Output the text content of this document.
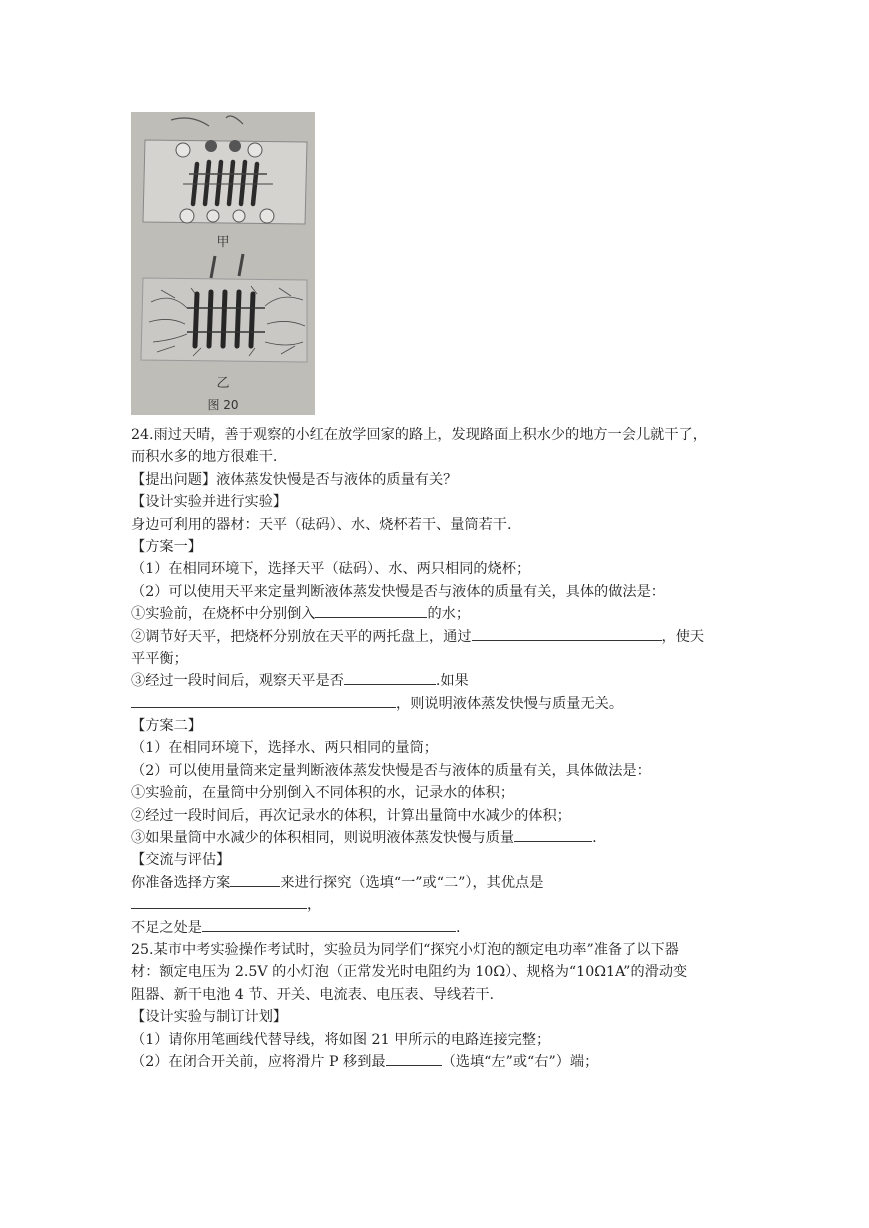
甲
乙
图 20
24.雨过天晴，善于观察的小红在放学回家的路上，发现路面上积水少的地方一会儿就干了，
而积水多的地方很难干.
【提出问题】液体蒸发快慢是否与液体的质量有关？
【设计实验并进行实验】
身边可利用的器材：天平（砝码）、水、烧杯若干、量筒若干.
【方案一】
（1）在相同环境下，选择天平（砝码）、水、两只相同的烧杯；
（2）可以使用天平来定量判断液体蒸发快慢是否与液体的质量有关，具体的做法是：
①实验前，在烧杯中分别倒入	的水；
②调节好天平，把烧杯分别放在天平的两托盘上，通过	，使天
平平衡；
③经过一段时间后，观察天平是否	.如果
，则说明液体蒸发快慢与质量无关。
【方案二】
（1）在相同环境下，选择水、两只相同的量筒；
（2）可以使用量筒来定量判断液体蒸发快慢是否与液体的质量有关，具体做法是：
①实验前，在量筒中分别倒入不同体积的水，记录水的体积；
②经过一段时间后，再次记录水的体积，计算出量筒中水减少的体积；
③如果量筒中水减少的体积相同，则说明液体蒸发快慢与质量	.
【交流与评估】
你准备选择方案	来进行探究（选填“一”或“二”），其优点是
，
不足之处是	.
25.某市中考实验操作考试时，实验员为同学们“探究小灯泡的额定电功率”准备了以下器
材：额定电压为 2.5V 的小灯泡（正常发光时电阻约为 10Ω）、规格为“10Ω1A”的滑动变
阻器、新干电池 4 节、开关、电流表、电压表、导线若干.
【设计实验与制订计划】
（1）请你用笔画线代替导线，将如图 21 甲所示的电路连接完整；
（2）在闭合开关前，应将滑片 P 移到最	（选填“左”或“右”）端；
